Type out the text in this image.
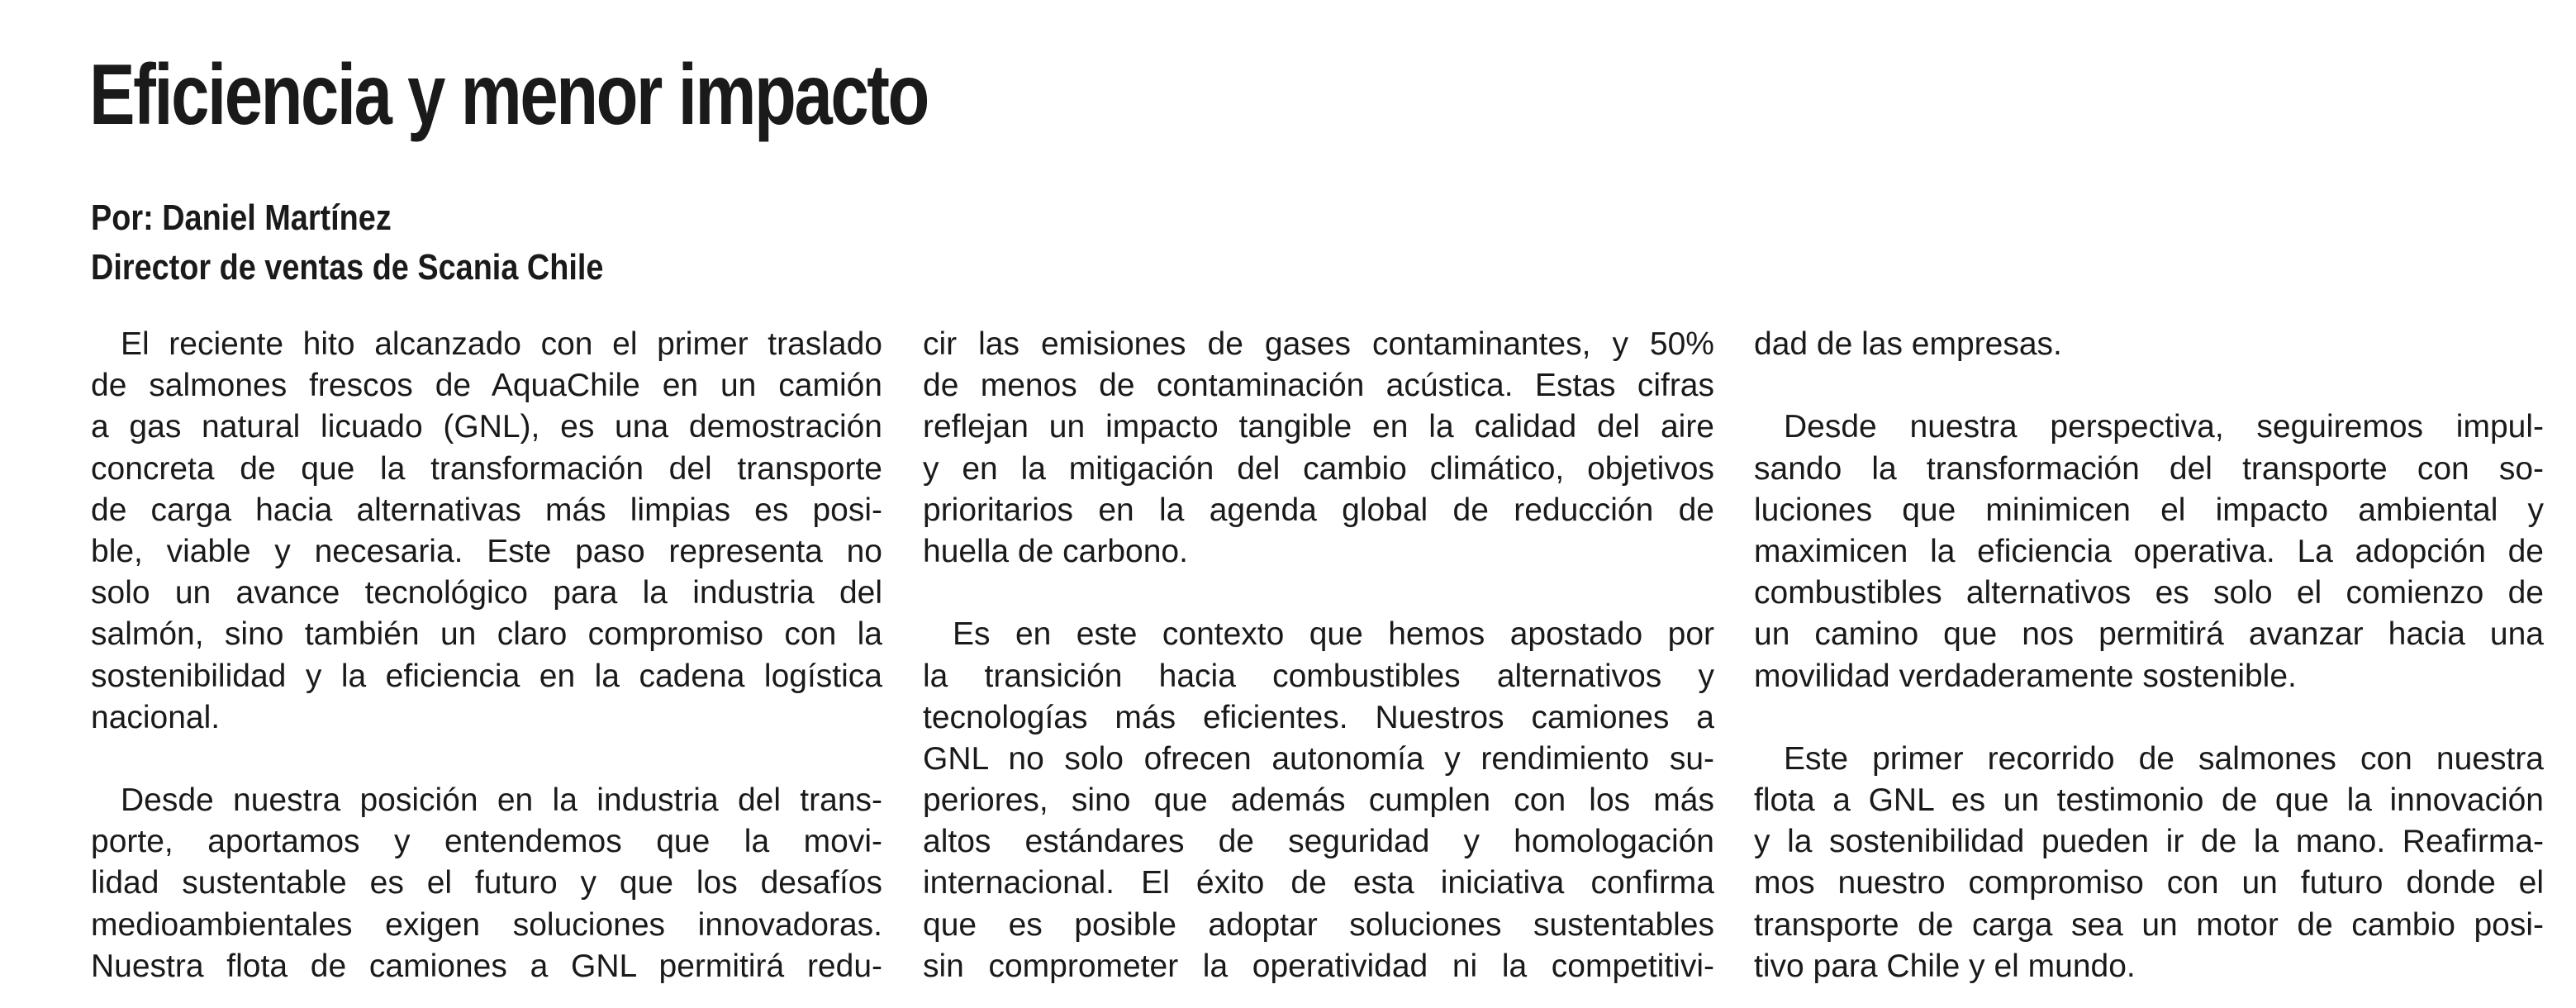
Eficiencia y menor impacto
Por: Daniel Martínez
Director de ventas de Scania Chile
El reciente hito alcanzado con el primer traslado
de salmones frescos de AquaChile en un camión
a gas natural licuado (GNL), es una demostración
concreta de que la transformación del transporte
de carga hacia alternativas más limpias es posi-
ble, viable y necesaria. Este paso representa no
solo un avance tecnológico para la industria del
salmón, sino también un claro compromiso con la
sostenibilidad y la eficiencia en la cadena logística
nacional.
Desde nuestra posición en la industria del trans-
porte, aportamos y entendemos que la movi-
lidad sustentable es el futuro y que los desafíos
medioambientales exigen soluciones innovadoras.
Nuestra flota de camiones a GNL permitirá redu-
cir las emisiones de gases contaminantes, y 50%
de menos de contaminación acústica. Estas cifras
reflejan un impacto tangible en la calidad del aire
y en la mitigación del cambio climático, objetivos
prioritarios en la agenda global de reducción de
huella de carbono.
Es en este contexto que hemos apostado por
la transición hacia combustibles alternativos y
tecnologías más eficientes. Nuestros camiones a
GNL no solo ofrecen autonomía y rendimiento su-
periores, sino que además cumplen con los más
altos estándares de seguridad y homologación
internacional. El éxito de esta iniciativa confirma
que es posible adoptar soluciones sustentables
sin comprometer la operatividad ni la competitivi-
dad de las empresas.
Desde nuestra perspectiva, seguiremos impul-
sando la transformación del transporte con so-
luciones que minimicen el impacto ambiental y
maximicen la eficiencia operativa. La adopción de
combustibles alternativos es solo el comienzo de
un camino que nos permitirá avanzar hacia una
movilidad verdaderamente sostenible.
Este primer recorrido de salmones con nuestra
flota a GNL es un testimonio de que la innovación
y la sostenibilidad pueden ir de la mano. Reafirma-
mos nuestro compromiso con un futuro donde el
transporte de carga sea un motor de cambio posi-
tivo para Chile y el mundo.
